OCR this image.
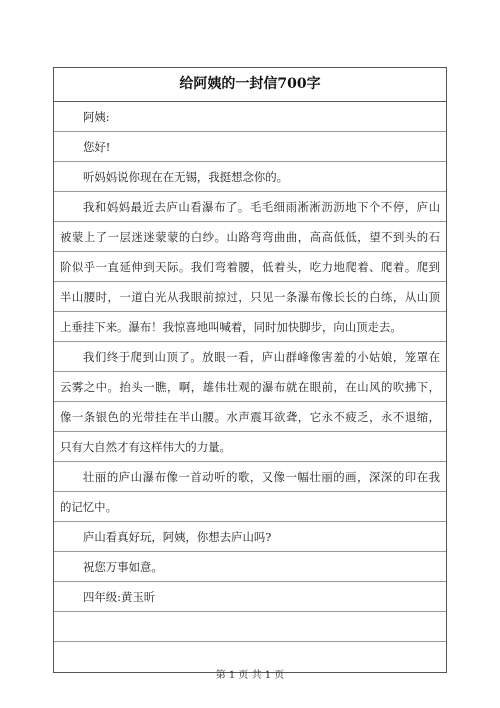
给阿姨的一封信700字
阿姨:
您好!
听妈妈说你现在在无锡，我挺想念你的。
我和妈妈最近去庐山看瀑布了。毛毛细雨淅淅沥沥地下个不停，庐山
被蒙上了一层迷迷蒙蒙的白纱。山路弯弯曲曲，高高低低，望不到头的石
阶似乎一直延伸到天际。我们弯着腰，低着头，吃力地爬着、爬着。爬到
半山腰时，一道白光从我眼前掠过，只见一条瀑布像长长的白练，从山顶
上垂挂下来。瀑布！我惊喜地叫喊着，同时加快脚步，向山顶走去。
我们终于爬到山顶了。放眼一看，庐山群峰像害羞的小姑娘，笼罩在
云雾之中。抬头一瞧，啊，雄伟壮观的瀑布就在眼前，在山风的吹拂下，
像一条银色的光带挂在半山腰。水声震耳欲聋，它永不疲乏，永不退缩，
只有大自然才有这样伟大的力量。
壮丽的庐山瀑布像一首动听的歌，又像一幅壮丽的画，深深的印在我
的记忆中。
庐山看真好玩，阿姨，你想去庐山吗?
祝您万事如意。
四年级:黄玉昕
第 1 页 共 1 页
